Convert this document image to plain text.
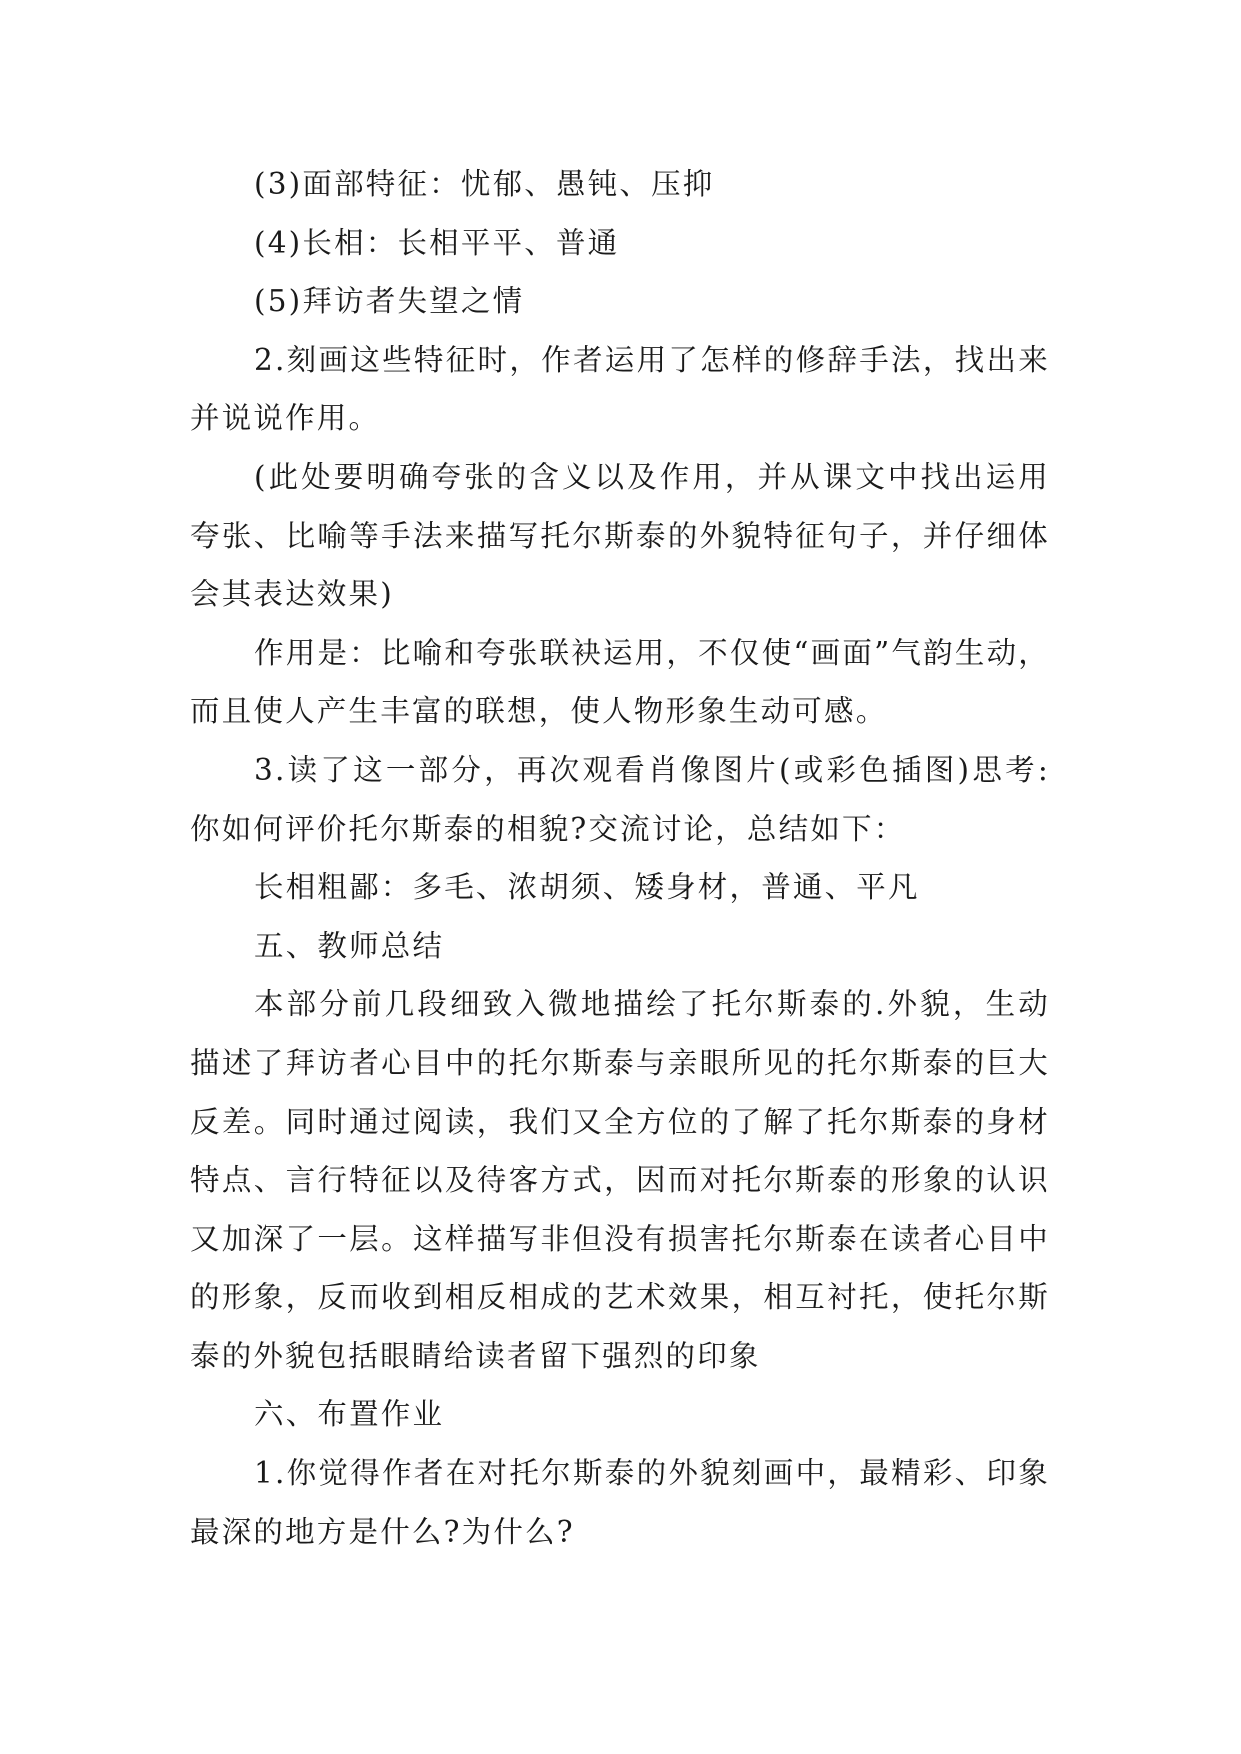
(3)面部特征：忧郁、愚钝、压抑

(4)长相：长相平平、普通

(5)拜访者失望之情

2.刻画这些特征时，作者运用了怎样的修辞手法，找出来并说说作用。

(此处要明确夸张的含义以及作用，并从课文中找出运用夸张、比喻等手法来描写托尔斯泰的外貌特征句子，并仔细体会其表达效果)

作用是：比喻和夸张联袂运用，不仅使“画面”气韵生动，而且使人产生丰富的联想，使人物形象生动可感。

3.读了这一部分，再次观看肖像图片(或彩色插图)思考:你如何评价托尔斯泰的相貌?交流讨论，总结如下：

长相粗鄙：多毛、浓胡须、矮身材，普通、平凡

五、教师总结

本部分前几段细致入微地描绘了托尔斯泰的.外貌，生动描述了拜访者心目中的托尔斯泰与亲眼所见的托尔斯泰的巨大反差。同时通过阅读，我们又全方位的了解了托尔斯泰的身材特点、言行特征以及待客方式，因而对托尔斯泰的形象的认识又加深了一层。这样描写非但没有损害托尔斯泰在读者心目中的形象，反而收到相反相成的艺术效果，相互衬托，使托尔斯泰的外貌包括眼睛给读者留下强烈的印象

六、布置作业

1.你觉得作者在对托尔斯泰的外貌刻画中，最精彩、印象最深的地方是什么?为什么?
